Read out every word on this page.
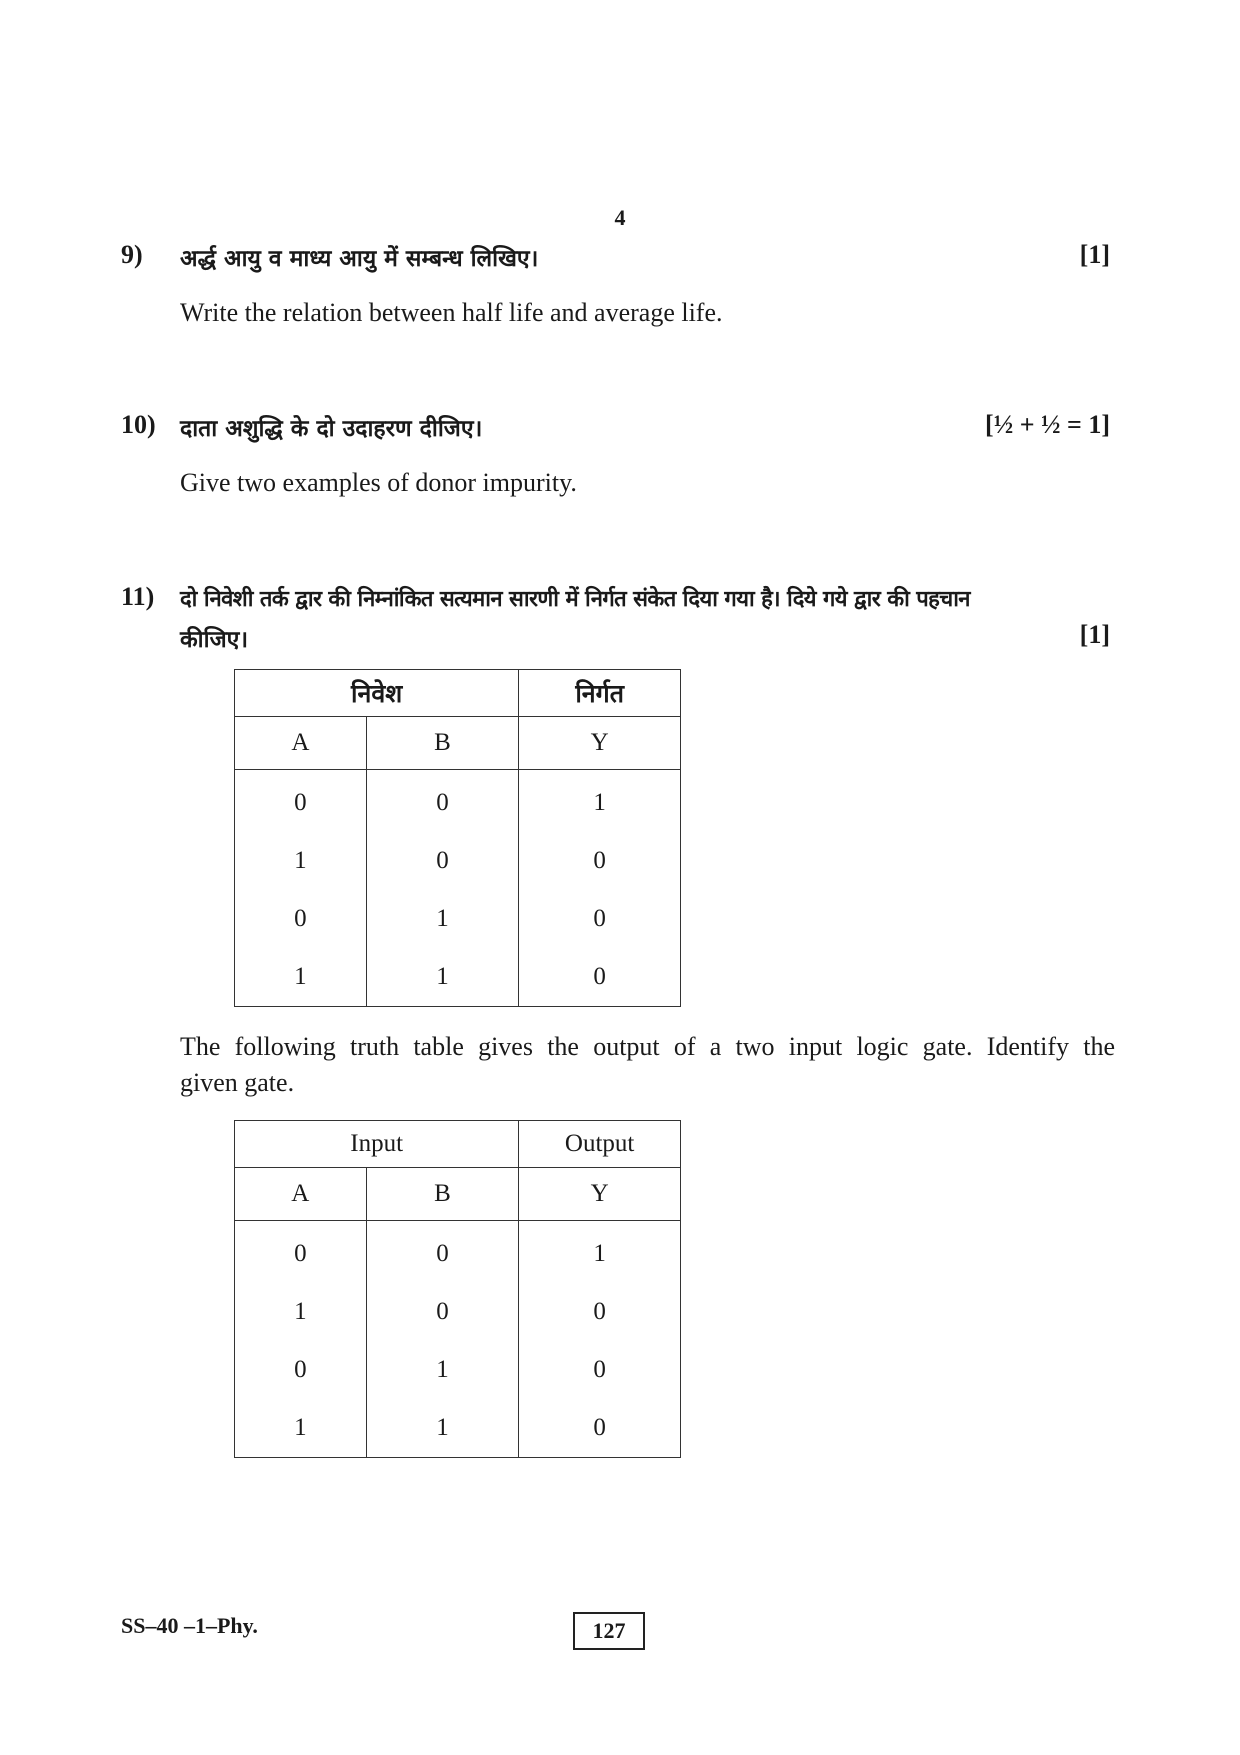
4
9) अर्द्ध आयु व माध्य आयु में सम्बन्ध लिखिए।	[1]
Write the relation between half life and average life.
10) दाता अशुद्धि के दो उदाहरण दीजिए।	[½ + ½ = 1]
Give two examples of donor impurity.
11) दो निवेशी तर्क द्वार की निम्नांकित सत्यमान सारणी में निर्गत संकेत दिया गया है। दिये गये द्वार की पहचान
कीजिए।	[1]
निवेश		निर्गत
A	B	Y
0	0	1
1	0	0
0	1	0
1	1	0
The following truth table gives the output of a two input logic gate. Identify the
given gate.
Input		Output
A	B	Y
0	0	1
1	0	0
0	1	0
1	1	0
SS–40 –1–Phy.	127
